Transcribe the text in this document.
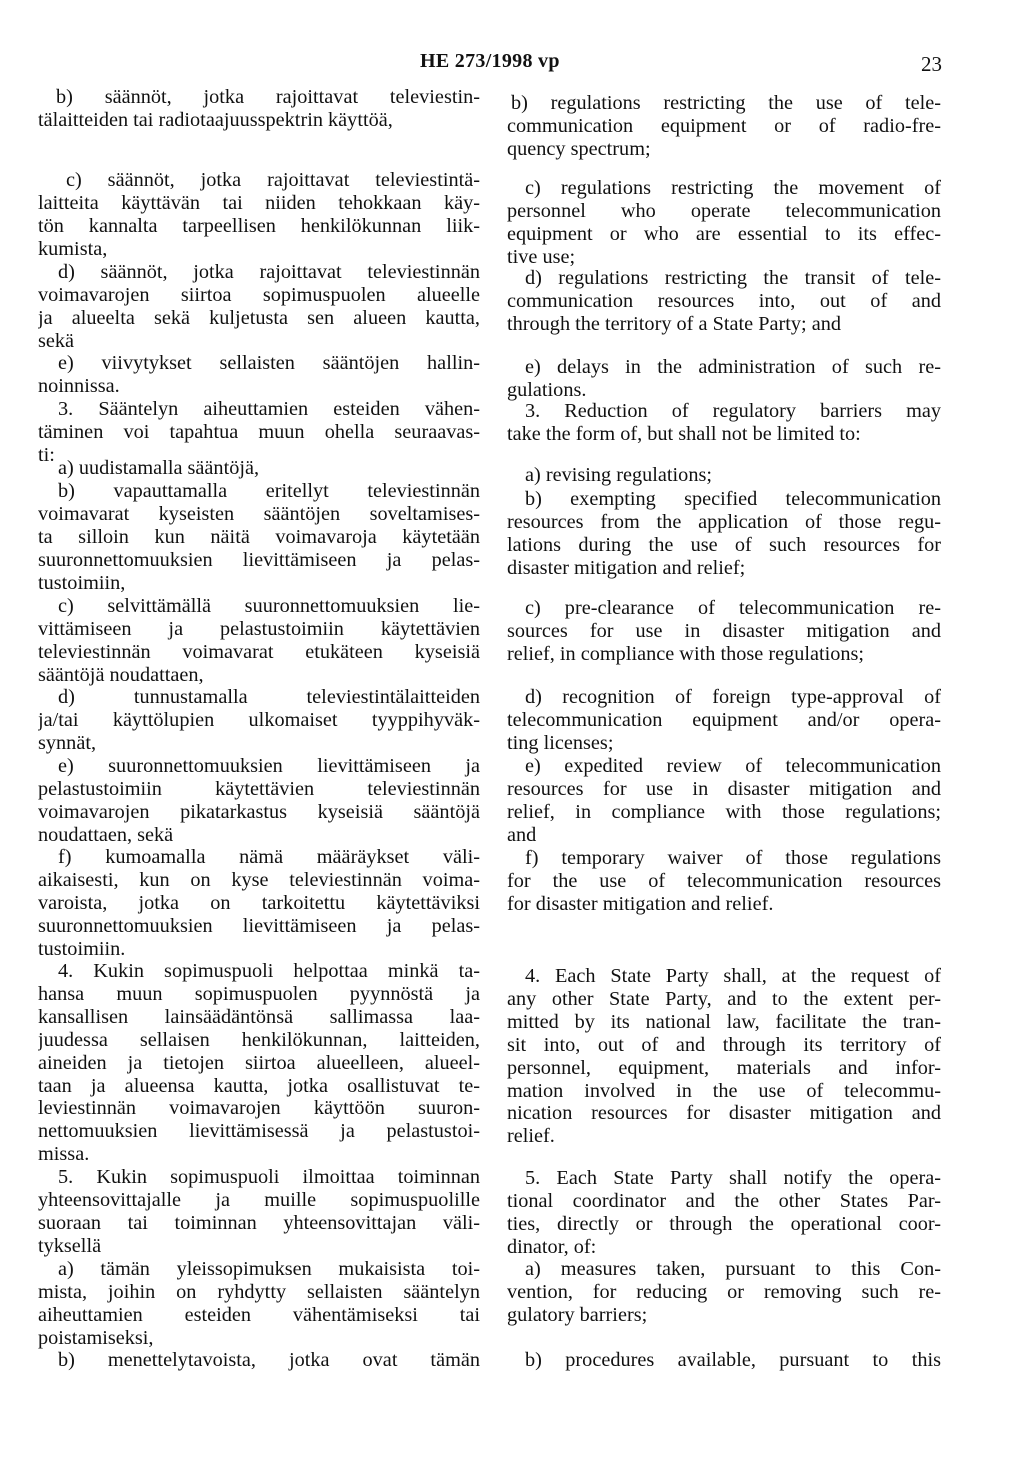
HE 273/1998 vp	23
b) säännöt, jotka rajoittavat televiestin-
tälaitteiden tai radiotaajuusspektrin käyttöä,
c) säännöt, jotka rajoittavat televiestintä-
laitteita käyttävän tai niiden tehokkaan käy-
tön kannalta tarpeellisen henkilökunnan liik-
kumista,
d) säännöt, jotka rajoittavat televiestinnän
voimavarojen siirtoa sopimuspuolen alueelle
ja alueelta sekä kuljetusta sen alueen kautta,
sekä
e) viivytykset sellaisten sääntöjen hallin-
noinnissa.
3. Sääntelyn aiheuttamien esteiden vähen-
täminen voi tapahtua muun ohella seuraavas-
ti:
a) uudistamalla sääntöjä,
b) vapauttamalla eritellyt televiestinnän
voimavarat kyseisten sääntöjen soveltamises-
ta silloin kun näitä voimavaroja käytetään
suuronnettomuuksien lievittämiseen ja pelas-
tustoimiin,
c) selvittämällä suuronnettomuuksien lie-
vittämiseen ja pelastustoimiin käytettävien
televiestinnän voimavarat etukäteen kyseisiä
sääntöjä noudattaen,
d) tunnustamalla televiestintälaitteiden
ja/tai käyttölupien ulkomaiset tyyppihyväk-
synnät,
e) suuronnettomuuksien lievittämiseen ja
pelastustoimiin käytettävien televiestinnän
voimavarojen pikatarkastus kyseisiä sääntöjä
noudattaen, sekä
f) kumoamalla nämä määräykset väli-
aikaisesti, kun on kyse televiestinnän voima-
varoista, jotka on tarkoitettu käytettäviksi
suuronnettomuuksien lievittämiseen ja pelas-
tustoimiin.
4. Kukin sopimuspuoli helpottaa minkä ta-
hansa muun sopimuspuolen pyynnöstä ja
kansallisen lainsäädäntönsä sallimassa laa-
juudessa sellaisen henkilökunnan, laitteiden,
aineiden ja tietojen siirtoa alueelleen, alueel-
taan ja alueensa kautta, jotka osallistuvat te-
leviestinnän voimavarojen käyttöön suuron-
nettomuuksien lievittämisessä ja pelastustoi-
missa.
5. Kukin sopimuspuoli ilmoittaa toiminnan
yhteensovittajalle ja muille sopimuspuolille
suoraan tai toiminnan yhteensovittajan väli-
tyksellä
a) tämän yleissopimuksen mukaisista toi-
mista, joihin on ryhdytty sellaisten sääntelyn
aiheuttamien esteiden vähentämiseksi tai
poistamiseksi,
b) menettelytavoista, jotka ovat tämän
b) regulations restricting the use of tele-
communication equipment or of radio-fre-
quency spectrum;
c) regulations restricting the movement of
personnel who operate telecommunication
equipment or who are essential to its effec-
tive use;
d) regulations restricting the transit of tele-
communication resources into, out of and
through the territory of a State Party; and
e) delays in the administration of such re-
gulations.
3. Reduction of regulatory barriers may
take the form of, but shall not be limited to:
a) revising regulations;
b) exempting specified telecommunication
resources from the application of those regu-
lations during the use of such resources for
disaster mitigation and relief;
c) pre-clearance of telecommunication re-
sources for use in disaster mitigation and
relief, in compliance with those regulations;
d) recognition of foreign type-approval of
telecommunication equipment and/or opera-
ting licenses;
e) expedited review of telecommunication
resources for use in disaster mitigation and
relief, in compliance with those regulations;
and
f) temporary waiver of those regulations
for the use of telecommunication resources
for disaster mitigation and relief.
4. Each State Party shall, at the request of
any other State Party, and to the extent per-
mitted by its national law, facilitate the tran-
sit into, out of and through its territory of
personnel, equipment, materials and infor-
mation involved in the use of telecommu-
nication resources for disaster mitigation and
relief.
5. Each State Party shall notify the opera-
tional coordinator and the other States Par-
ties, directly or through the operational coor-
dinator, of:
a) measures taken, pursuant to this Con-
vention, for reducing or removing such re-
gulatory barriers;
b) procedures available, pursuant to this
